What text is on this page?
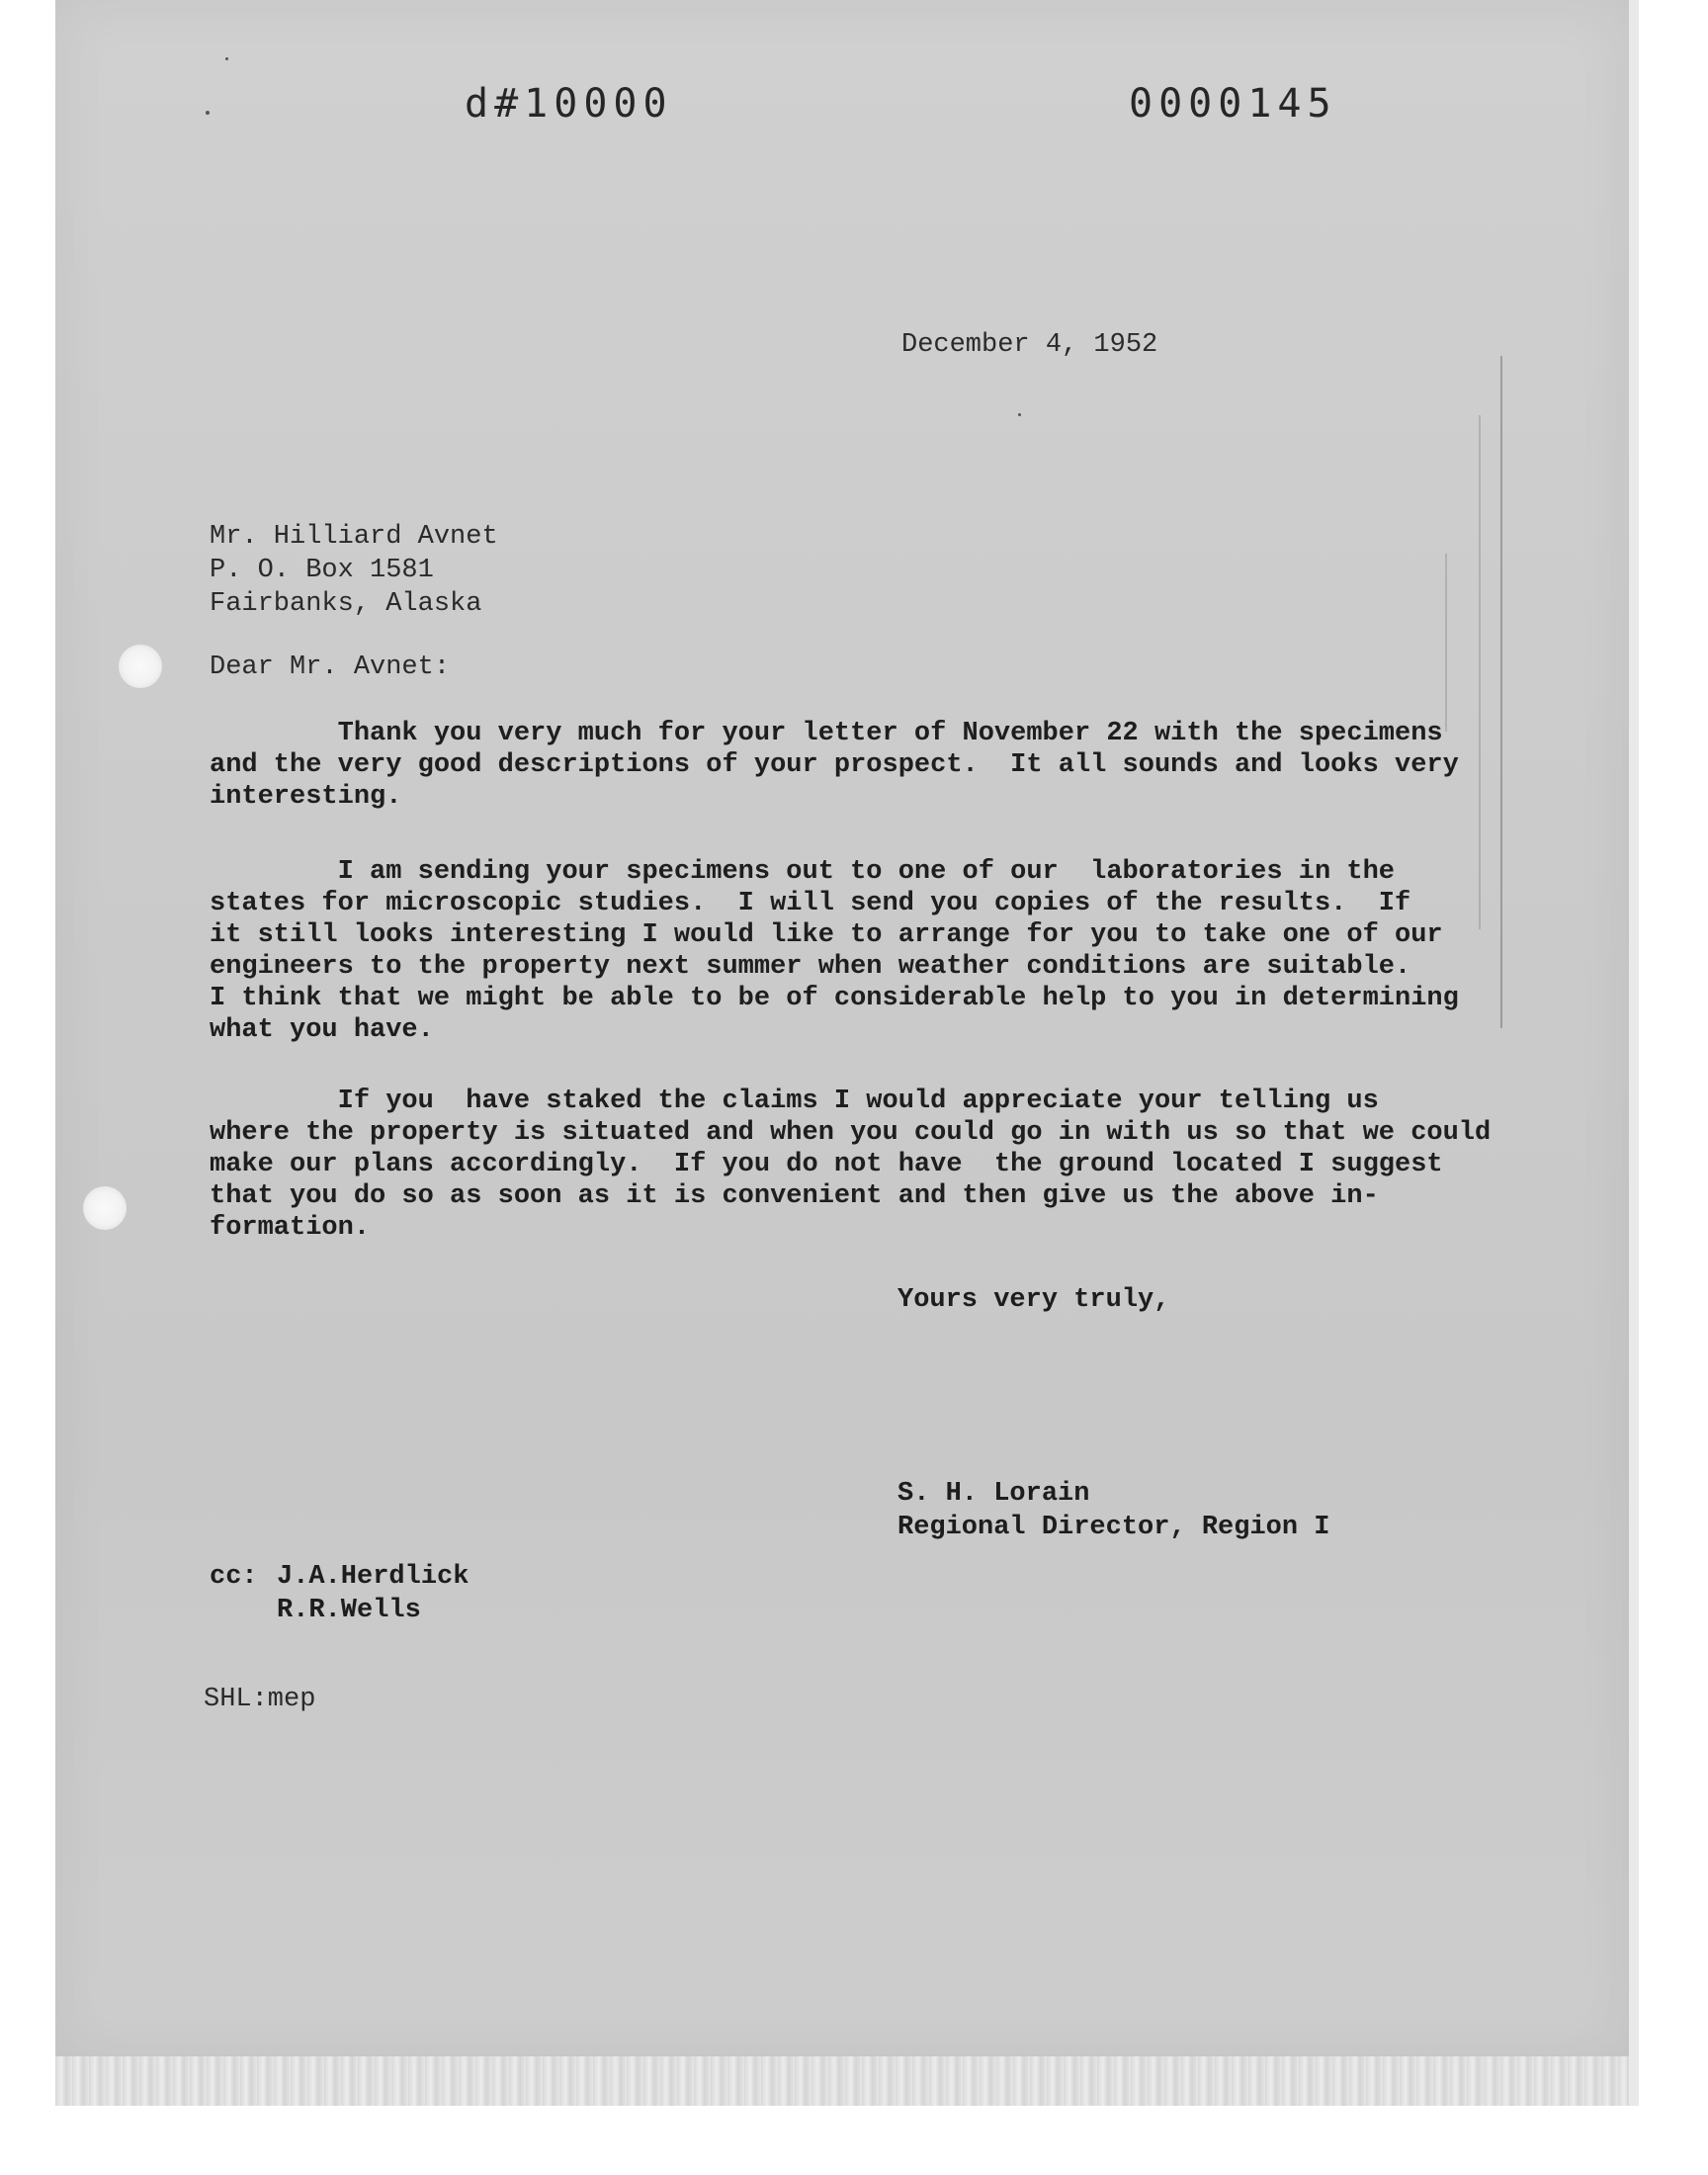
d#10000	0000145
December 4, 1952
Mr. Hilliard Avnet
P. O. Box 1581
Fairbanks, Alaska
Dear Mr. Avnet:
Thank you very much for your letter of November 22 with the specimens
and the very good descriptions of your prospect.  It all sounds and looks very
interesting.
I am sending your specimens out to one of our  laboratories in the
states for microscopic studies.  I will send you copies of the results.  If
it still looks interesting I would like to arrange for you to take one of our
engineers to the property next summer when weather conditions are suitable.
I think that we might be able to be of considerable help to you in determining
what you have.
If you  have staked the claims I would appreciate your telling us
where the property is situated and when you could go in with us so that we could
make our plans accordingly.  If you do not have  the ground located I suggest
that you do so as soon as it is convenient and then give us the above in-
formation.
Yours very truly,
S. H. Lorain
Regional Director, Region I
cc: J.A.Herdlick
R.R.Wells
SHL:mep
